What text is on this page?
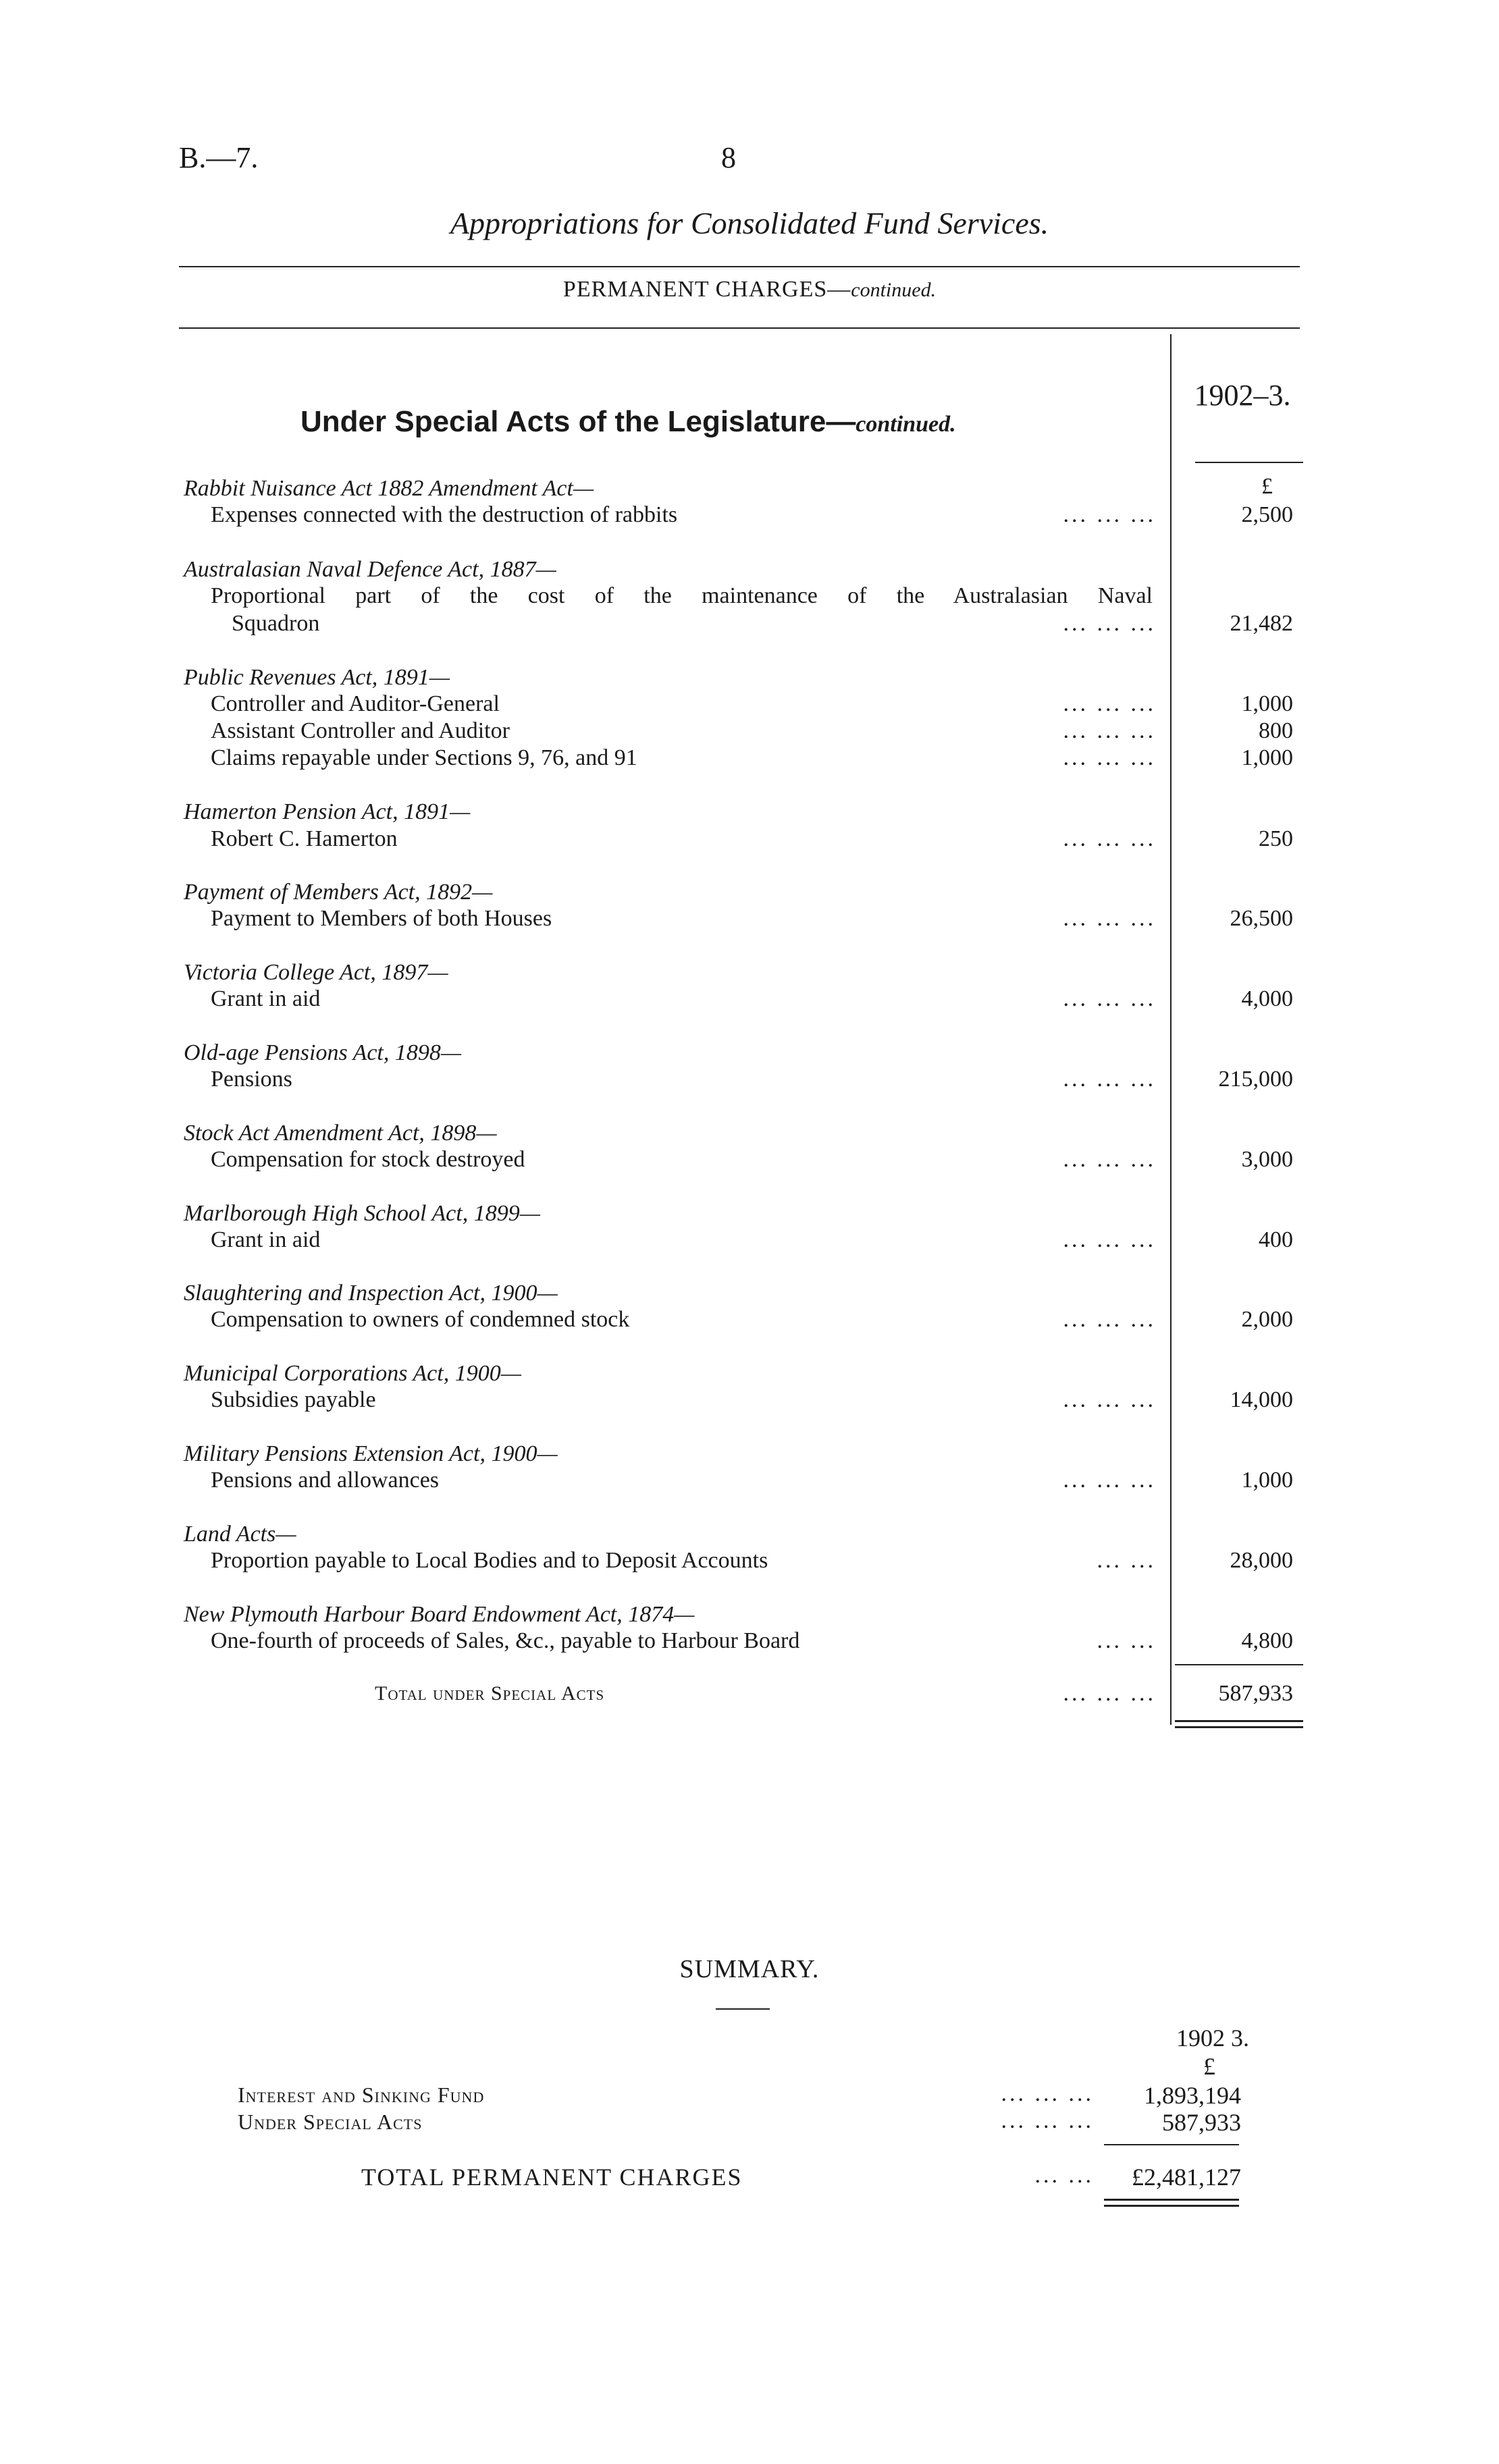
B.—7.	8
Appropriations for Consolidated Fund Services.
PERMANENT CHARGES—continued.
Under Special Acts of the Legislature—continued.
1902–3.
£
Rabbit Nuisance Act 1882 Amendment Act—
Expenses connected with the destruction of rabbits	... ... ...	2,500
Australasian Naval Defence Act, 1887—
Proportional part of the cost of the maintenance of the Australasian Naval
Squadron	... ... ...	21,482
Public Revenues Act, 1891—
Controller and Auditor-General	... ... ...	1,000
Assistant Controller and Auditor	... ... ...	800
Claims repayable under Sections 9, 76, and 91	... ... ...	1,000
Hamerton Pension Act, 1891—
Robert C. Hamerton	... ... ...	250
Payment of Members Act, 1892—
Payment to Members of both Houses	... ... ...	26,500
Victoria College Act, 1897—
Grant in aid	... ... ...	4,000
Old-age Pensions Act, 1898—
Pensions	... ... ...	215,000
Stock Act Amendment Act, 1898—
Compensation for stock destroyed	... ... ...	3,000
Marlborough High School Act, 1899—
Grant in aid	... ... ...	400
Slaughtering and Inspection Act, 1900—
Compensation to owners of condemned stock	... ... ...	2,000
Municipal Corporations Act, 1900—
Subsidies payable	... ... ...	14,000
Military Pensions Extension Act, 1900—
Pensions and allowances	... ... ...	1,000
Land Acts—
Proportion payable to Local Bodies and to Deposit Accounts	... ...	28,000
New Plymouth Harbour Board Endowment Act, 1874—
One-fourth of proceeds of Sales, &c., payable to Harbour Board	... ...	4,800
Total under Special Acts	... ... ...	587,933
SUMMARY.
1902 3.
£
Interest and Sinking Fund	... ... ...	1,893,194
Under Special Acts	... ... ...	587,933
TOTAL PERMANENT CHARGES	... ...	£2,481,127
